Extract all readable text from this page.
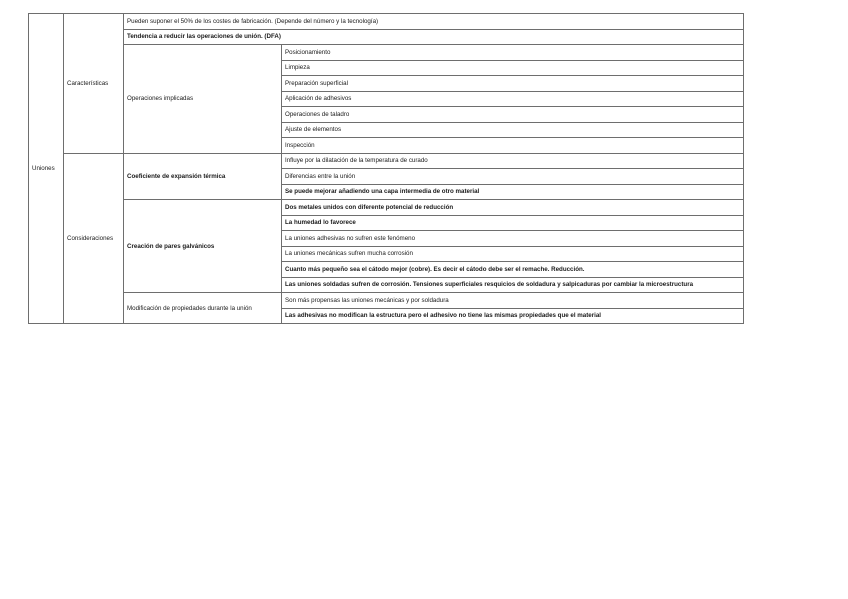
Uniones	Características	Pueden suponer el 50% de los costes de fabricación. (Depende del número y la tecnología)	
		Tendencia a reducir las operaciones de unión. (DFA)	
		Operaciones implicadas	Posicionamiento
			Limpieza
			Preparación superficial
			Aplicación de adhesivos
			Operaciones de taladro
			Ajuste de elementos
			Inspección
	Consideraciones	Coeficiente de expansión térmica	Influye por la dilatación de la temperatura de curado
			Diferencias entre la unión
			Se puede mejorar añadiendo una capa intermedia de otro material
		Creación de pares galvánicos	Dos metales unidos con diferente potencial de reducción
			La humedad lo favorece
			La uniones adhesivas no sufren este fenómeno
			La uniones mecánicas sufren mucha corrosión
			Cuanto más pequeño sea el cátodo mejor (cobre). Es decir el cátodo debe ser el remache. Reducción.
			Las uniones soldadas sufren de corrosión. Tensiones superficiales resquicios de soldadura y salpicaduras por cambiar la microestructura
		Modificación de propiedades durante la unión	Son más propensas las uniones mecánicas y por soldadura
			Las adhesivas no modifican la estructura pero el adhesivo no tiene las mismas propiedades que el material
